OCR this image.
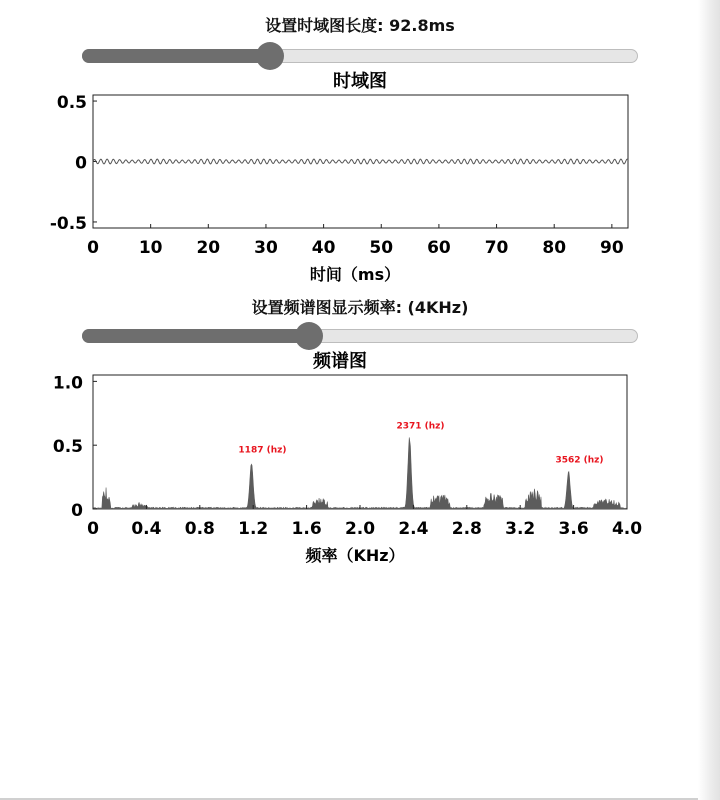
设置时域图长度: 92.8ms
时域图
0.5
0
-0.5
0 10 20 30 40 50 60 70 80 90
时间（ms）
设置频谱图显示频率: (4KHz)
频谱图
1187 (hz)
2371 (hz)
3562 (hz)
1.0
0.5
0
0 0.4 0.8 1.2 1.6 2.0 2.4 2.8 3.2 3.6 4.0
频率（KHz）
